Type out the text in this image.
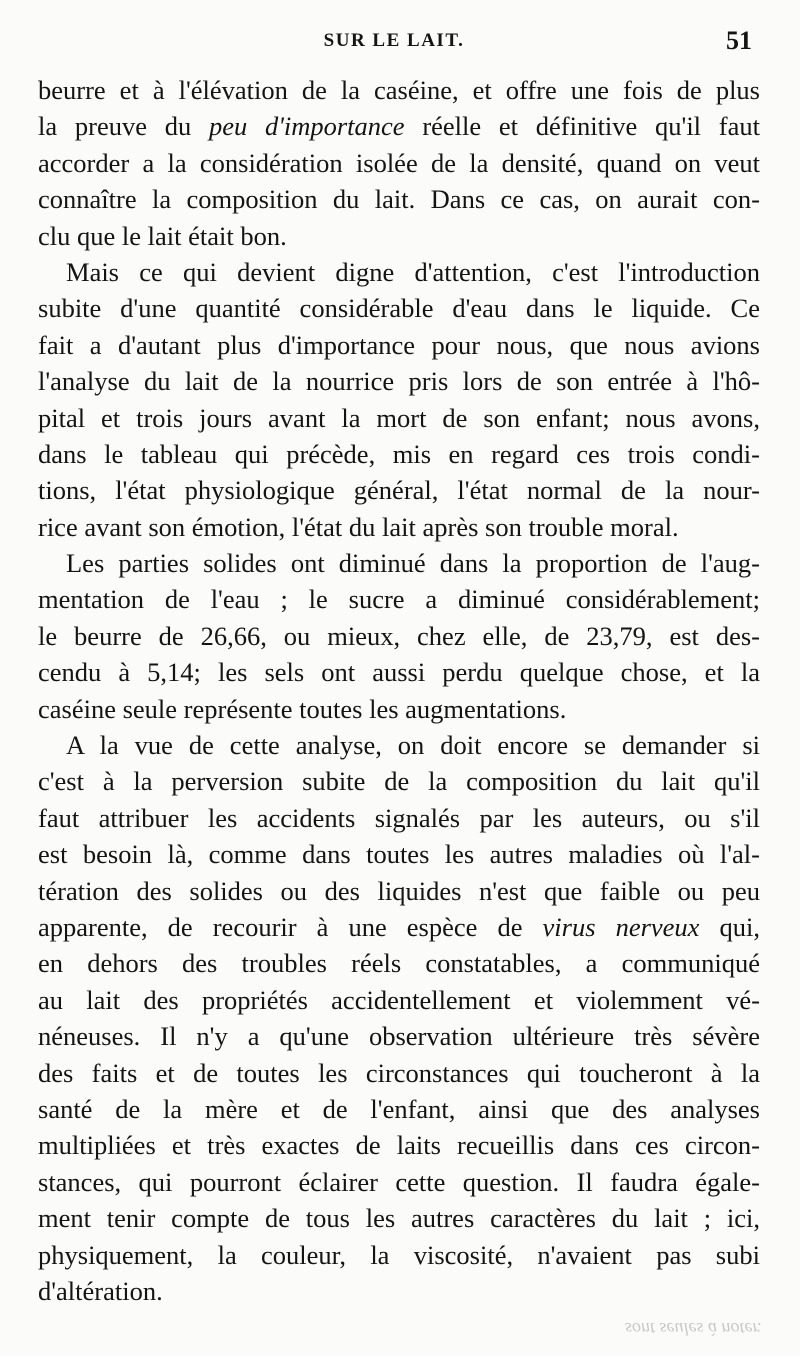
SUR LE LAIT.	51
beurre et à l'élévation de la caséine, et offre une fois de plus
la preuve du peu d'importance réelle et définitive qu'il faut
accorder a la considération isolée de la densité, quand on veut
connaître la composition du lait. Dans ce cas, on aurait con-
clu que le lait était bon.
Mais ce qui devient digne d'attention, c'est l'introduction
subite d'une quantité considérable d'eau dans le liquide. Ce
fait a d'autant plus d'importance pour nous, que nous avions
l'analyse du lait de la nourrice pris lors de son entrée à l'hô-
pital et trois jours avant la mort de son enfant; nous avons,
dans le tableau qui précède, mis en regard ces trois condi-
tions, l'état physiologique général, l'état normal de la nour-
rice avant son émotion, l'état du lait après son trouble moral.
Les parties solides ont diminué dans la proportion de l'aug-
mentation de l'eau ; le sucre a diminué considérablement;
le beurre de 26,66, ou mieux, chez elle, de 23,79, est des-
cendu à 5,14; les sels ont aussi perdu quelque chose, et la
caséine seule représente toutes les augmentations.
A la vue de cette analyse, on doit encore se demander si
c'est à la perversion subite de la composition du lait qu'il
faut attribuer les accidents signalés par les auteurs, ou s'il
est besoin là, comme dans toutes les autres maladies où l'al-
tération des solides ou des liquides n'est que faible ou peu
apparente, de recourir à une espèce de virus nerveux qui,
en dehors des troubles réels constatables, a communiqué
au lait des propriétés accidentellement et violemment vé-
néneuses. Il n'y a qu'une observation ultérieure très sévère
des faits et de toutes les circonstances qui toucheront à la
santé de la mère et de l'enfant, ainsi que des analyses
multipliées et très exactes de laits recueillis dans ces circon-
stances, qui pourront éclairer cette question. Il faudra égale-
ment tenir compte de tous les autres caractères du lait ; ici,
physiquement, la couleur, la viscosité, n'avaient pas subi
d'altération.
sont seules à noter.
